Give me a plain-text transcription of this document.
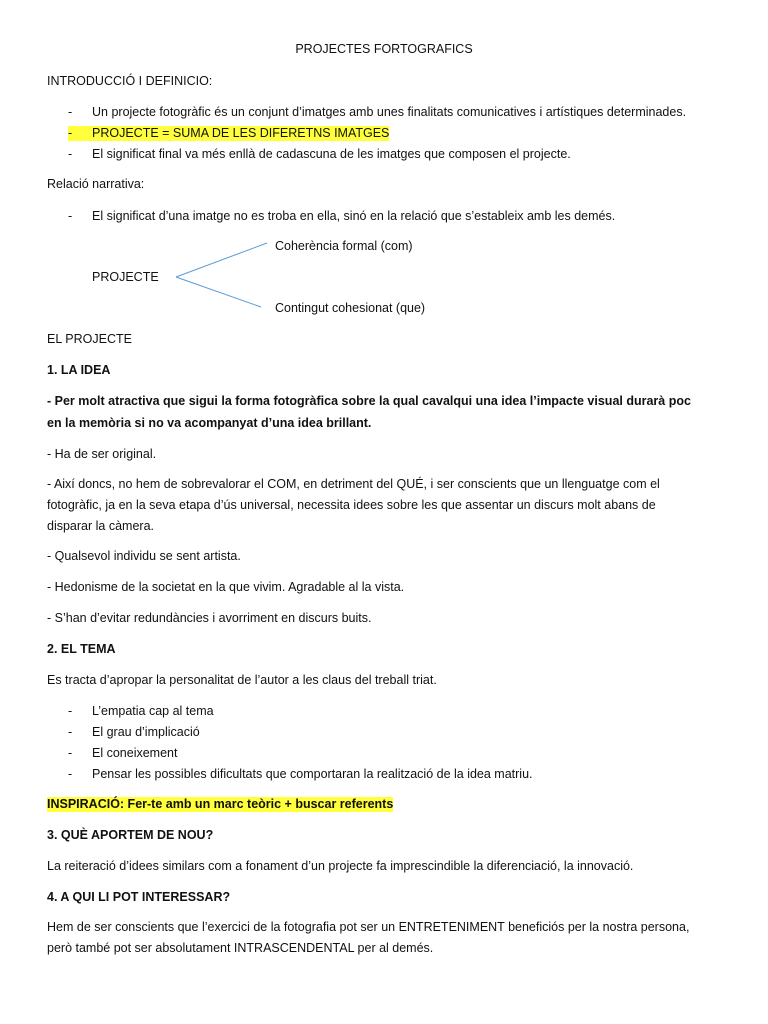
PROJECTES FORTOGRAFICS
INTRODUCCIÓ I DEFINICIO:
- Un projecte fotogràfic és un conjunt d’imatges amb unes finalitats comunicatives i artístiques determinades.
-	PROJECTE = SUMA DE LES DIFERETNS IMATGES
- El significat final va més enllà de cadascuna de les imatges que composen el projecte.
Relació narrativa:
- El significat d’una imatge no es troba en ella, sinó en la relació que s’estableix amb les demés.
Coherència formal (com)
PROJECTE
Contingut cohesionat (que)
EL PROJECTE
1. LA IDEA
- Per molt atractiva que sigui la forma fotogràfica sobre la qual cavalqui una idea l’impacte visual durarà poc
en la memòria si no va acompanyat d’una idea brillant.
- Ha de ser original.
- Així doncs, no hem de sobrevalorar el COM, en detriment del QUÉ, i ser conscients que un llenguatge com el
fotogràfic, ja en la seva etapa d’ús universal, necessita idees sobre les que assentar un discurs molt abans de
disparar la càmera.
- Qualsevol individu se sent artista.
- Hedonisme de la societat en la que vivim. Agradable al la vista.
- S’han d’evitar redundàncies i avorriment en discurs buits.
2. EL TEMA
Es tracta d’apropar la personalitat de l’autor a les claus del treball triat.
- L’empatia cap al tema
- El grau d’implicació
- El coneixement
- Pensar les possibles dificultats que comportaran la realització de la idea matriu.
INSPIRACIÓ: Fer-te amb un marc teòric + buscar referents
3. QUÈ APORTEM DE NOU?
La reiteració d’idees similars com a fonament d’un projecte fa imprescindible la diferenciació, la innovació.
4. A QUI LI POT INTERESSAR?
Hem de ser conscients que l’exercici de la fotografia pot ser un ENTRETENIMENT beneficiós per la nostra persona,
però també pot ser absolutament INTRASCENDENTAL per al demés.
